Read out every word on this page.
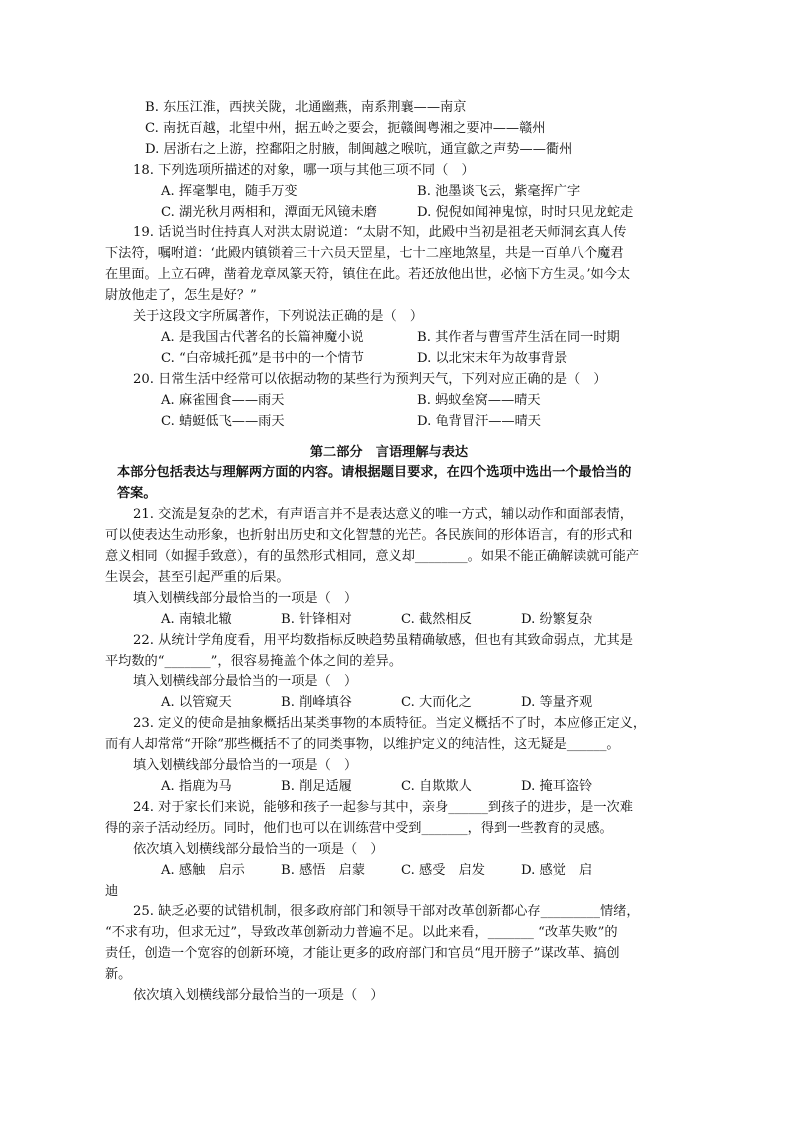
B. 东压江淮，西挟关陇，北通幽燕，南系荆襄——南京
C. 南抚百越，北望中州，据五岭之要会，扼赣闽粤湘之要冲——赣州
D. 居浙右之上游，控鄱阳之肘腋，制闽越之喉吭，通宣歙之声势——衢州
18. 下列选项所描述的对象，哪一项与其他三项不同（　）
A. 挥毫掣电，随手万变	B. 池墨谈飞云，紫毫挥广字
C. 湖光秋月两相和，潭面无风镜未磨	D. 倪倪如闻神鬼惊，时时只见龙蛇走
19. 话说当时住持真人对洪太尉说道：“太尉不知，此殿中当初是祖老天师洞玄真人传
下法符，嘱咐道：‘此殿内镇锁着三十六员天罡星，七十二座地煞星，共是一百单八个魔君
在里面。上立石碑，凿着龙章凤篆天符，镇住在此。若还放他出世，必恼下方生灵。’如今太
尉放他走了，怎生是好？”
关于这段文字所属著作，下列说法正确的是（　）
A. 是我国古代著名的长篇神魔小说	B. 其作者与曹雪芹生活在同一时期
C. “白帝城托孤”是书中的一个情节	D. 以北宋末年为故事背景
20. 日常生活中经常可以依据动物的某些行为预判天气，下列对应正确的是（　）
A. 麻雀囤食——雨天	B. 蚂蚁垒窝——晴天
C. 蜻蜓低飞——雨天	D. 龟背冒汗——晴天
第二部分　言语理解与表达
本部分包括表达与理解两方面的内容。请根据题目要求，在四个选项中选出一个最恰当的
答案。
21. 交流是复杂的艺术，有声语言并不是表达意义的唯一方式，辅以动作和面部表情，
可以使表达生动形象，也折射出历史和文化智慧的光芒。各民族间的形体语言，有的形式和
意义相同（如握手致意），有的虽然形式相同，意义却________。如果不能正确解读就可能产
生误会，甚至引起严重的后果。
填入划横线部分最恰当的一项是（　）
A. 南辕北辙	B. 针锋相对	C. 截然相反	D. 纷繁复杂
22. 从统计学角度看，用平均数指标反映趋势虽精确敏感，但也有其致命弱点，尤其是
平均数的“_______”，很容易掩盖个体之间的差异。
填入划横线部分最恰当的一项是（　）
A. 以管窥天	B. 削峰填谷	C. 大而化之	D. 等量齐观
23. 定义的使命是抽象概括出某类事物的本质特征。当定义概括不了时，本应修正定义，
而有人却常常“开除”那些概括不了的同类事物，以维护定义的纯洁性，这无疑是______。
填入划横线部分最恰当的一项是（　）
A. 指鹿为马	B. 削足适履	C. 自欺欺人	D. 掩耳盗铃
24. 对于家长们来说，能够和孩子一起参与其中，亲身______到孩子的进步，是一次难
得的亲子活动经历。同时，他们也可以在训练营中受到_______，得到一些教育的灵感。
依次填入划横线部分最恰当的一项是（　）
A. 感触　启示	B. 感悟　启蒙	C. 感受　启发	D. 感觉　启
迪
25. 缺乏必要的试错机制，很多政府部门和领导干部对改革创新都心存_________情绪，
“不求有功，但求无过”，导致改革创新动力普遍不足。以此来看，_______ “改革失败”的
责任，创造一个宽容的创新环境，才能让更多的政府部门和官员“甩开膀子”谋改革、搞创
新。
依次填入划横线部分最恰当的一项是（　）
